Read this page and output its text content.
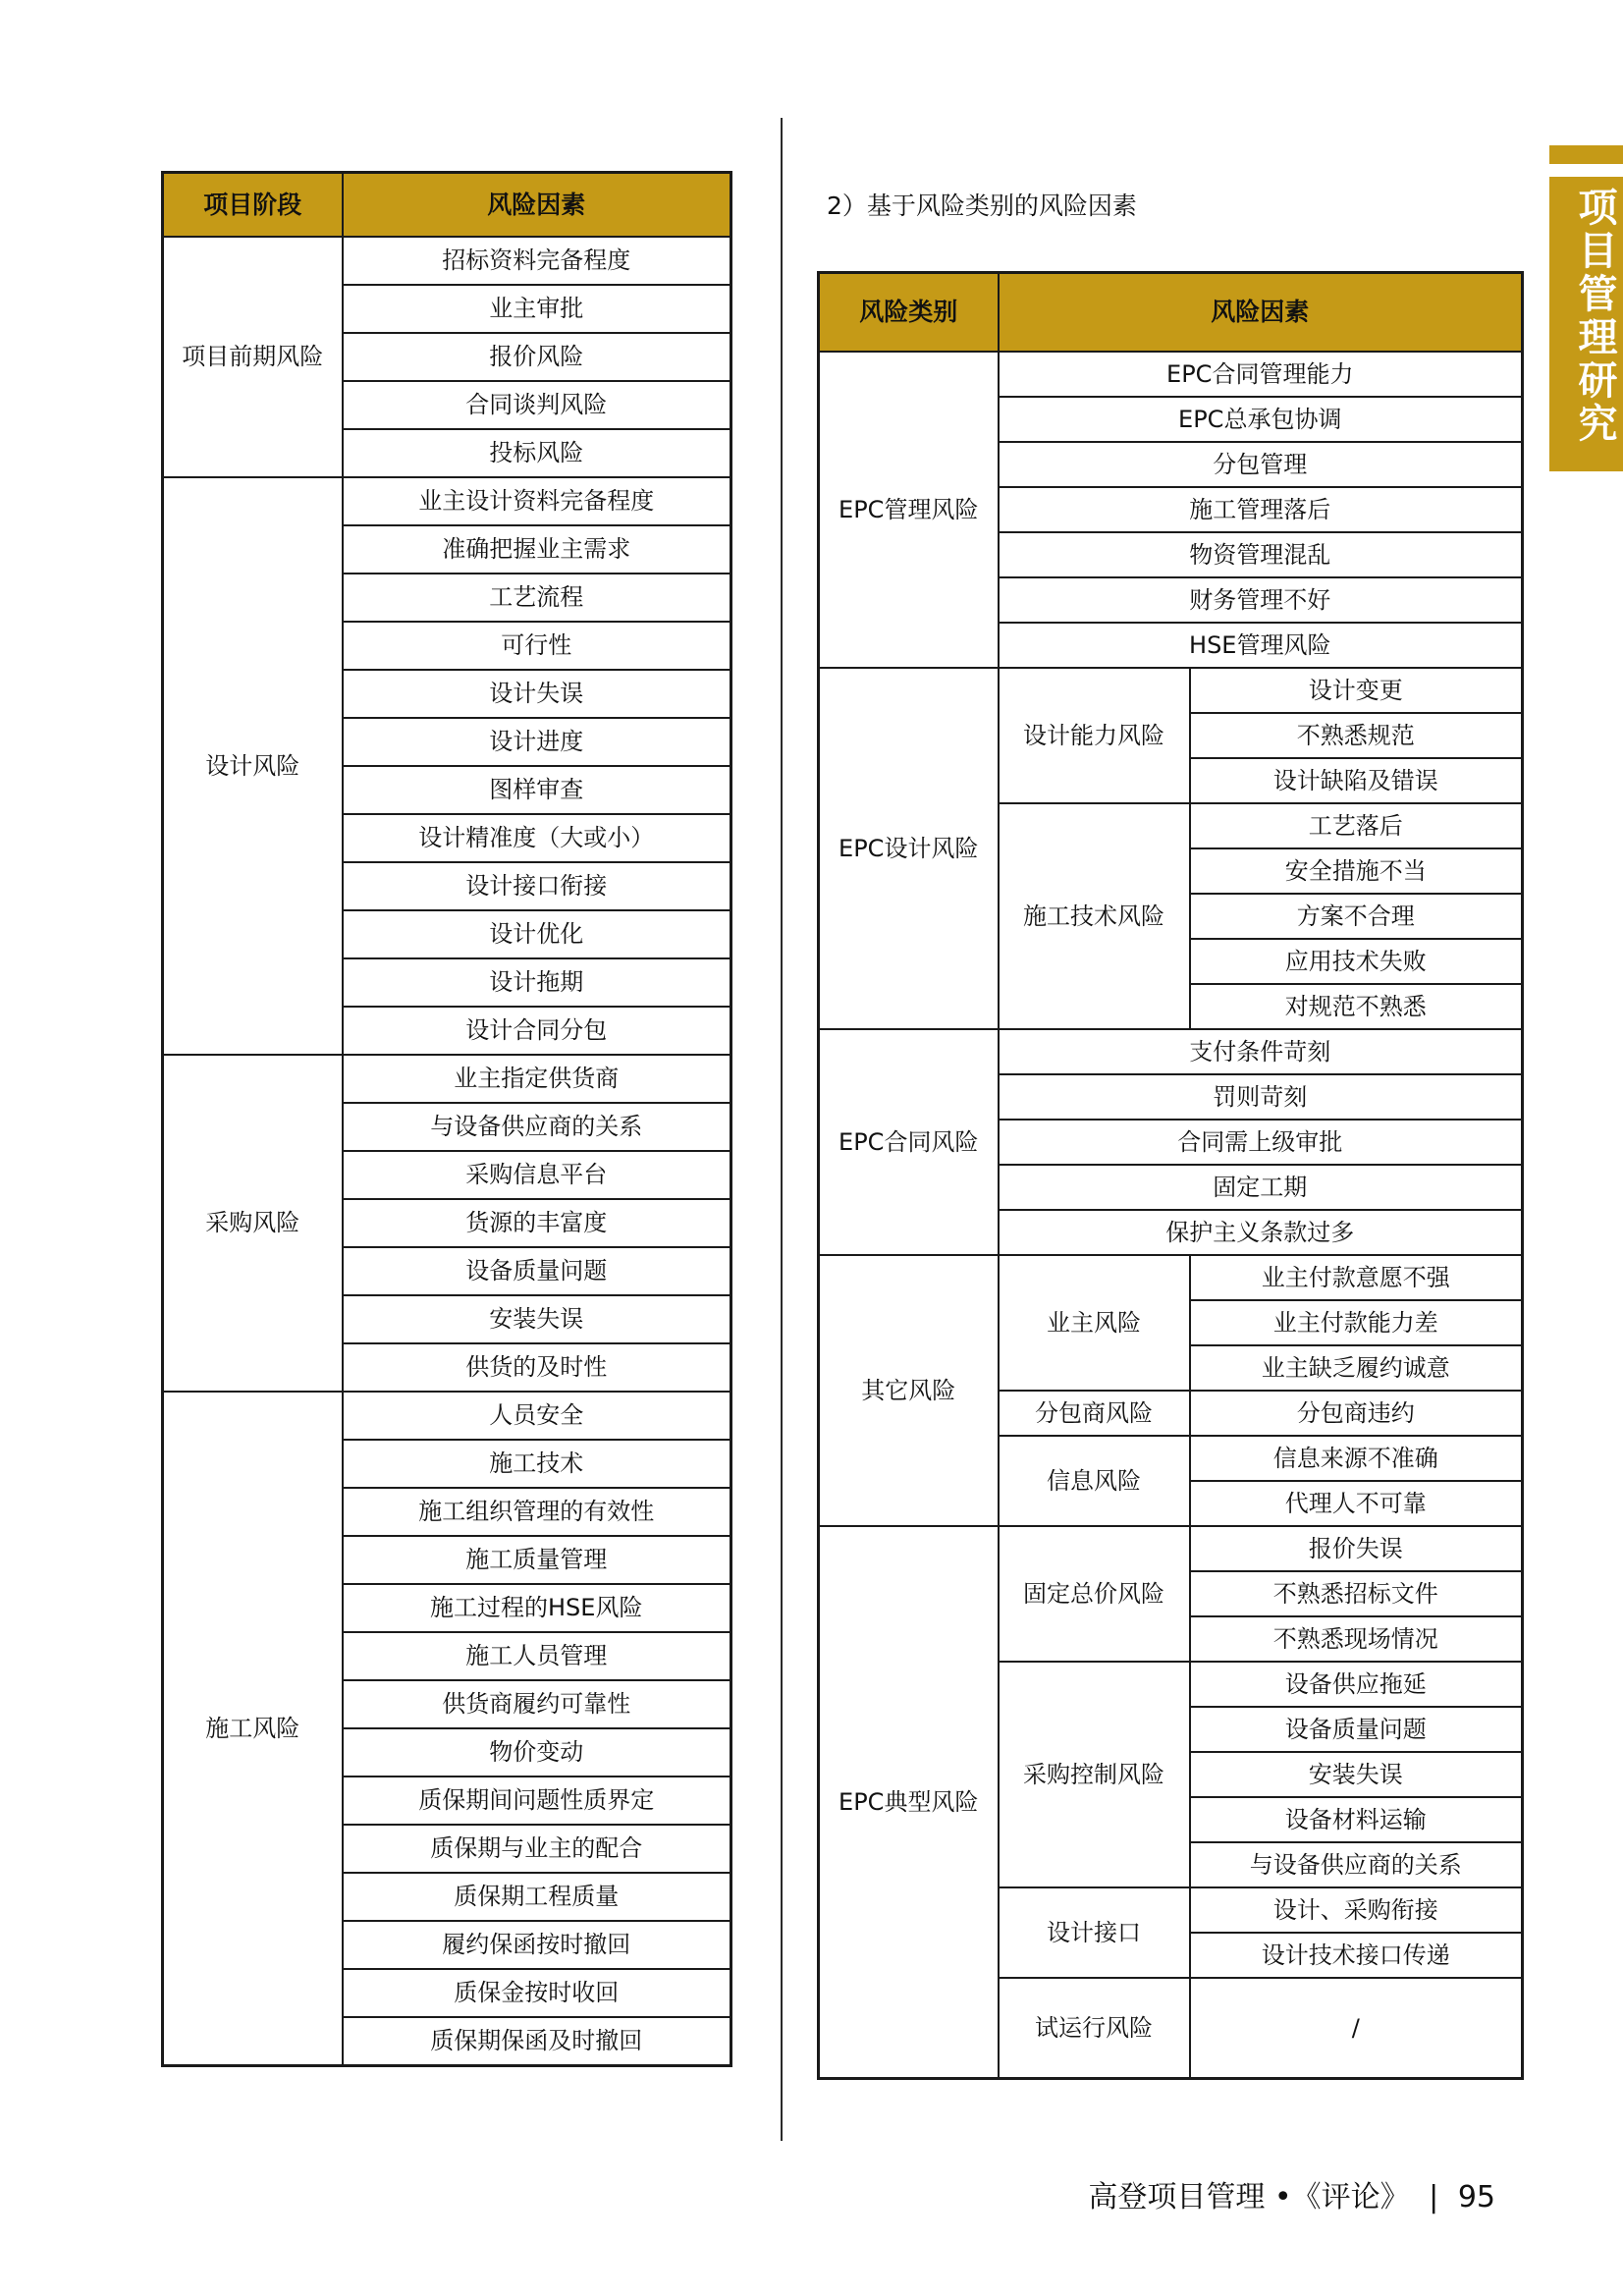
项目管理研究
项目阶段	风险因素
项目前期风险	招标资料完备程度
	业主审批
	报价风险
	合同谈判风险
	投标风险
设计风险	业主设计资料完备程度
	准确把握业主需求
	工艺流程
	可行性
	设计失误
	设计进度
	图样审查
	设计精准度（大或小）
	设计接口衔接
	设计优化
	设计拖期
	设计合同分包
采购风险	业主指定供货商
	与设备供应商的关系
	采购信息平台
	货源的丰富度
	设备质量问题
	安装失误
	供货的及时性
施工风险	人员安全
	施工技术
	施工组织管理的有效性
	施工质量管理
	施工过程的HSE风险
	施工人员管理
	供货商履约可靠性
	物价变动
	质保期间问题性质界定
	质保期与业主的配合
	质保期工程质量
	履约保函按时撤回
	质保金按时收回
	质保期保函及时撤回
2）基于风险类别的风险因素
风险类别	风险因素	
EPC管理风险	EPC合同管理能力	
	EPC总承包协调	
	分包管理	
	施工管理落后	
	物资管理混乱	
	财务管理不好	
	HSE管理风险	
EPC设计风险	设计能力风险	设计变更
		不熟悉规范
		设计缺陷及错误
	施工技术风险	工艺落后
		安全措施不当
		方案不合理
		应用技术失败
		对规范不熟悉
EPC合同风险	支付条件苛刻	
	罚则苛刻	
	合同需上级审批	
	固定工期	
	保护主义条款过多	
其它风险	业主风险	业主付款意愿不强
		业主付款能力差
		业主缺乏履约诚意
	分包商风险	分包商违约
	信息风险	信息来源不准确
		代理人不可靠
EPC典型风险	固定总价风险	报价失误
		不熟悉招标文件
		不熟悉现场情况
	采购控制风险	设备供应拖延
		设备质量问题
		安装失误
		设备材料运输
		与设备供应商的关系
	设计接口	设计、采购衔接
		设计技术接口传递
	试运行风险	/
高登项目管理 •《评论》 | 95
